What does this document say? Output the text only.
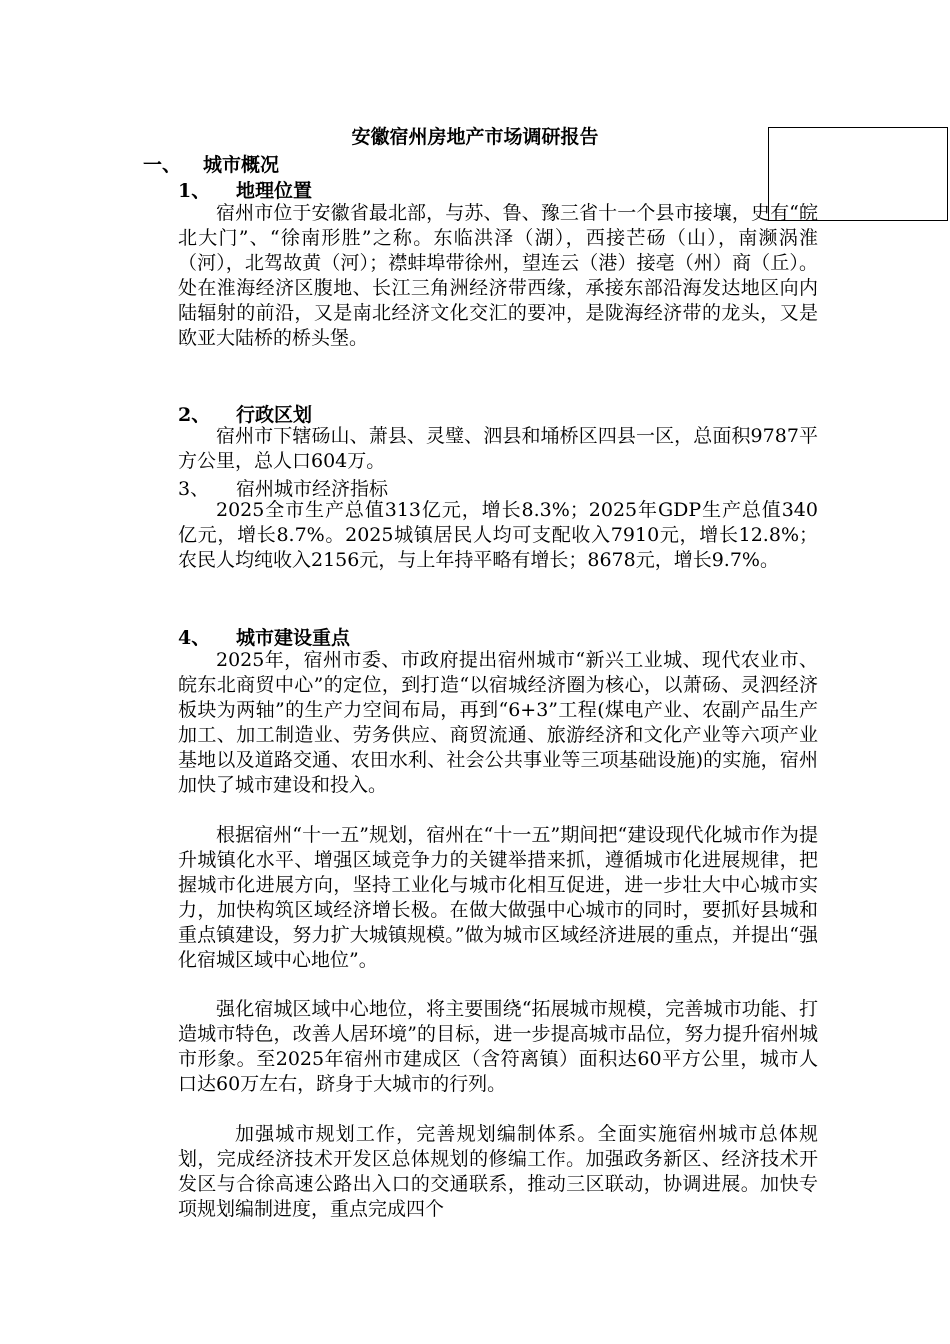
安徽宿州房地产市场调研报告
一、 城市概况
1、 地理位置

宿州市位于安徽省最北部，与苏、鲁、豫三省十一个县市接壤，史有“皖北大门”、“徐南形胜”之称。东临洪泽（湖），西接芒砀（山），南濒涡淮（河），北驾故黄（河）；襟蚌埠带徐州，望连云（港）接亳（州）商（丘）。处在淮海经济区腹地、长江三角洲经济带西缘，承接东部沿海发达地区向内陆辐射的前沿，又是南北经济文化交汇的要冲，是陇海经济带的龙头，又是欧亚大陆桥的桥头堡。

2、 行政区划

宿州市下辖砀山、萧县、灵璧、泗县和埇桥区四县一区，总面积9787平方公里，总人口604万。

3、 宿州城市经济指标

2025全市生产总值313亿元，增长8.3%；2025年GDP生产总值340亿元，增长8.7%。2025城镇居民人均可支配收入7910元，增长12.8%；农民人均纯收入2156元，与上年持平略有增长；8678元，增长9.7%。

4、 城市建设重点

2025年，宿州市委、市政府提出宿州城市“新兴工业城、现代农业市、皖东北商贸中心”的定位，到打造“以宿城经济圈为核心，以萧砀、灵泗经济板块为两轴”的生产力空间布局，再到“6+3”工程(煤电产业、农副产品生产加工、加工制造业、劳务供应、商贸流通、旅游经济和文化产业等六项产业基地以及道路交通、农田水利、社会公共事业等三项基础设施)的实施，宿州加快了城市建设和投入。

根据宿州“十一五”规划，宿州在“十一五”期间把“建设现代化城市作为提升城镇化水平、增强区域竞争力的关键举措来抓，遵循城市化进展规律，把握城市化进展方向，坚持工业化与城市化相互促进，进一步壮大中心城市实力，加快构筑区域经济增长极。在做大做强中心城市的同时，要抓好县城和重点镇建设，努力扩大城镇规模。”做为城市区域经济进展的重点，并提出“强化宿城区域中心地位”。

强化宿城区域中心地位，将主要围绕“拓展城市规模，完善城市功能、打造城市特色，改善人居环境”的目标，进一步提高城市品位，努力提升宿州城市形象。至2025年宿州市建成区（含符离镇）面积达60平方公里，城市人口达60万左右，跻身于大城市的行列。

加强城市规划工作，完善规划编制体系。全面实施宿州城市总体规划，完成经济技术开发区总体规划的修编工作。加强政务新区、经济技术开发区与合徐高速公路出入口的交通联系，推动三区联动，协调进展。加快专项规划编制进度，重点完成四个
